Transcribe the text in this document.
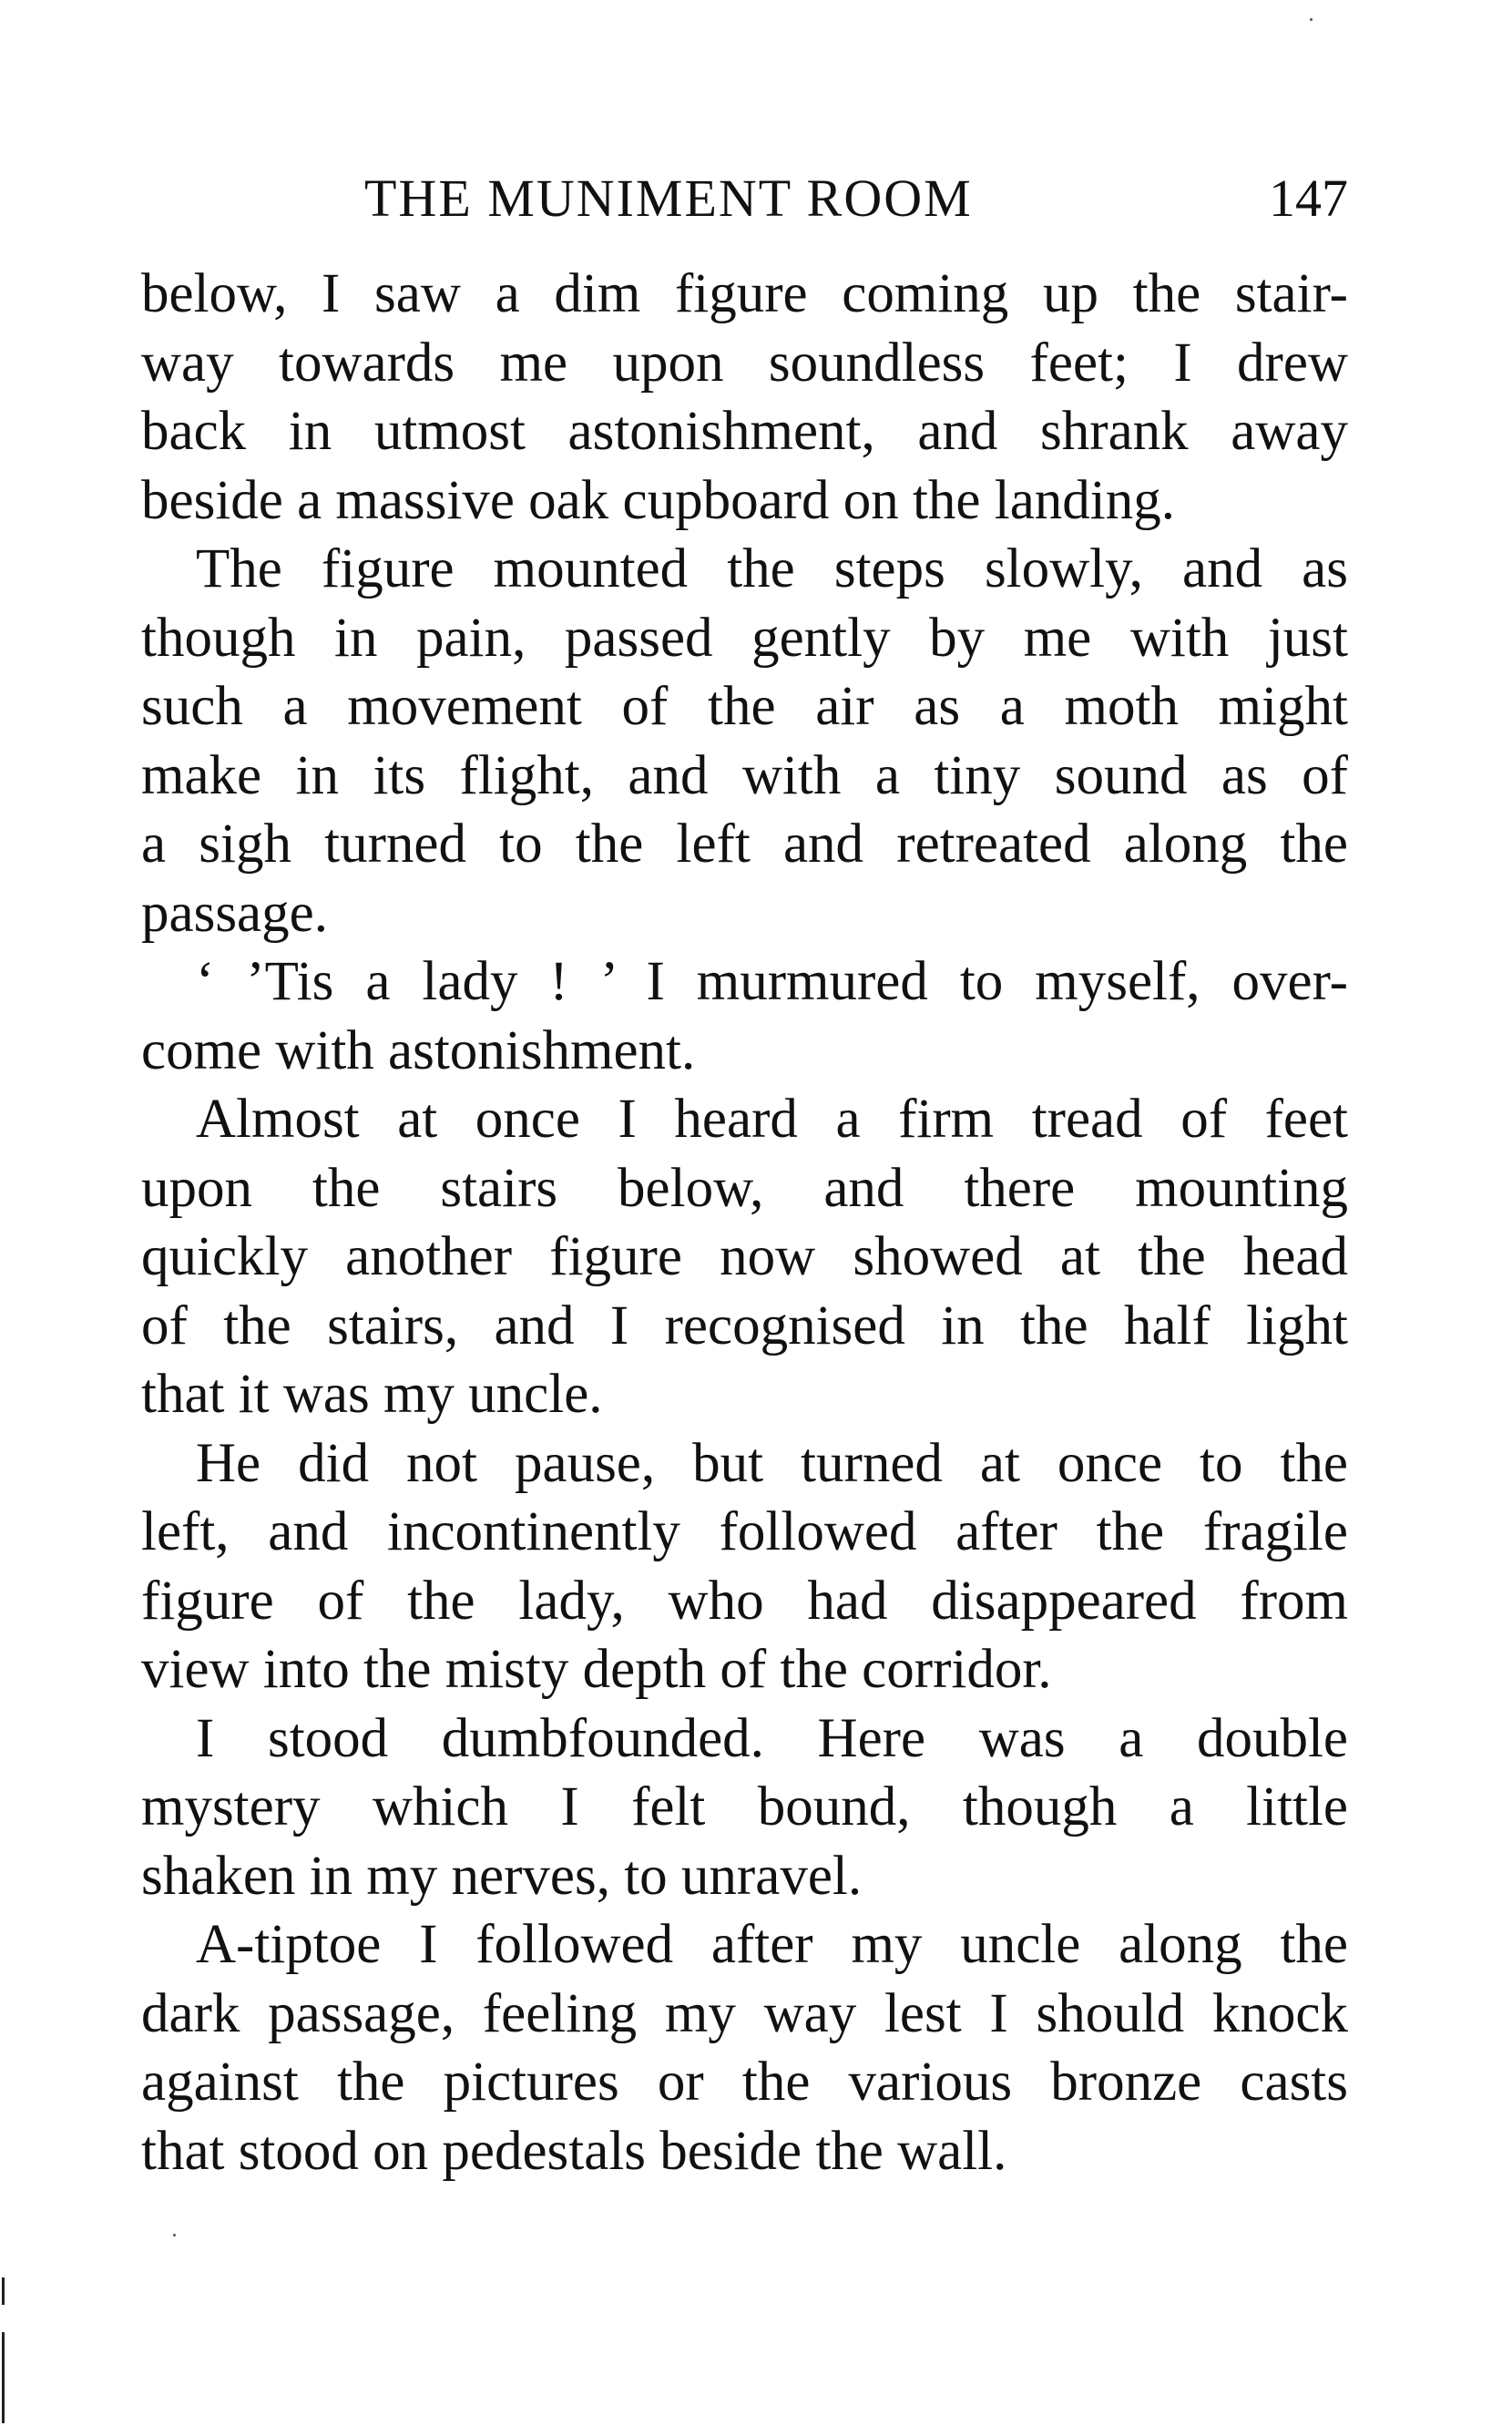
THE MUNIMENT ROOM	147
below, I saw a dim figure coming up the stair-
way towards me upon soundless feet; I drew
back in utmost astonishment, and shrank away
beside a massive oak cupboard on the landing.
The figure mounted the steps slowly, and as
though in pain, passed gently by me with just
such a movement of the air as a moth might
make in its flight, and with a tiny sound as of
a sigh turned to the left and retreated along the
passage.
‘ ’Tis a lady ! ’ I murmured to myself, over-
come with astonishment.
Almost at once I heard a firm tread of feet
upon the stairs below, and there mounting
quickly another figure now showed at the head
of the stairs, and I recognised in the half light
that it was my uncle.
He did not pause, but turned at once to the
left, and incontinently followed after the fragile
figure of the lady, who had disappeared from
view into the misty depth of the corridor.
I stood dumbfounded. Here was a double
mystery which I felt bound, though a little
shaken in my nerves, to unravel.
A-tiptoe I followed after my uncle along the
dark passage, feeling my way lest I should knock
against the pictures or the various bronze casts
that stood on pedestals beside the wall.
